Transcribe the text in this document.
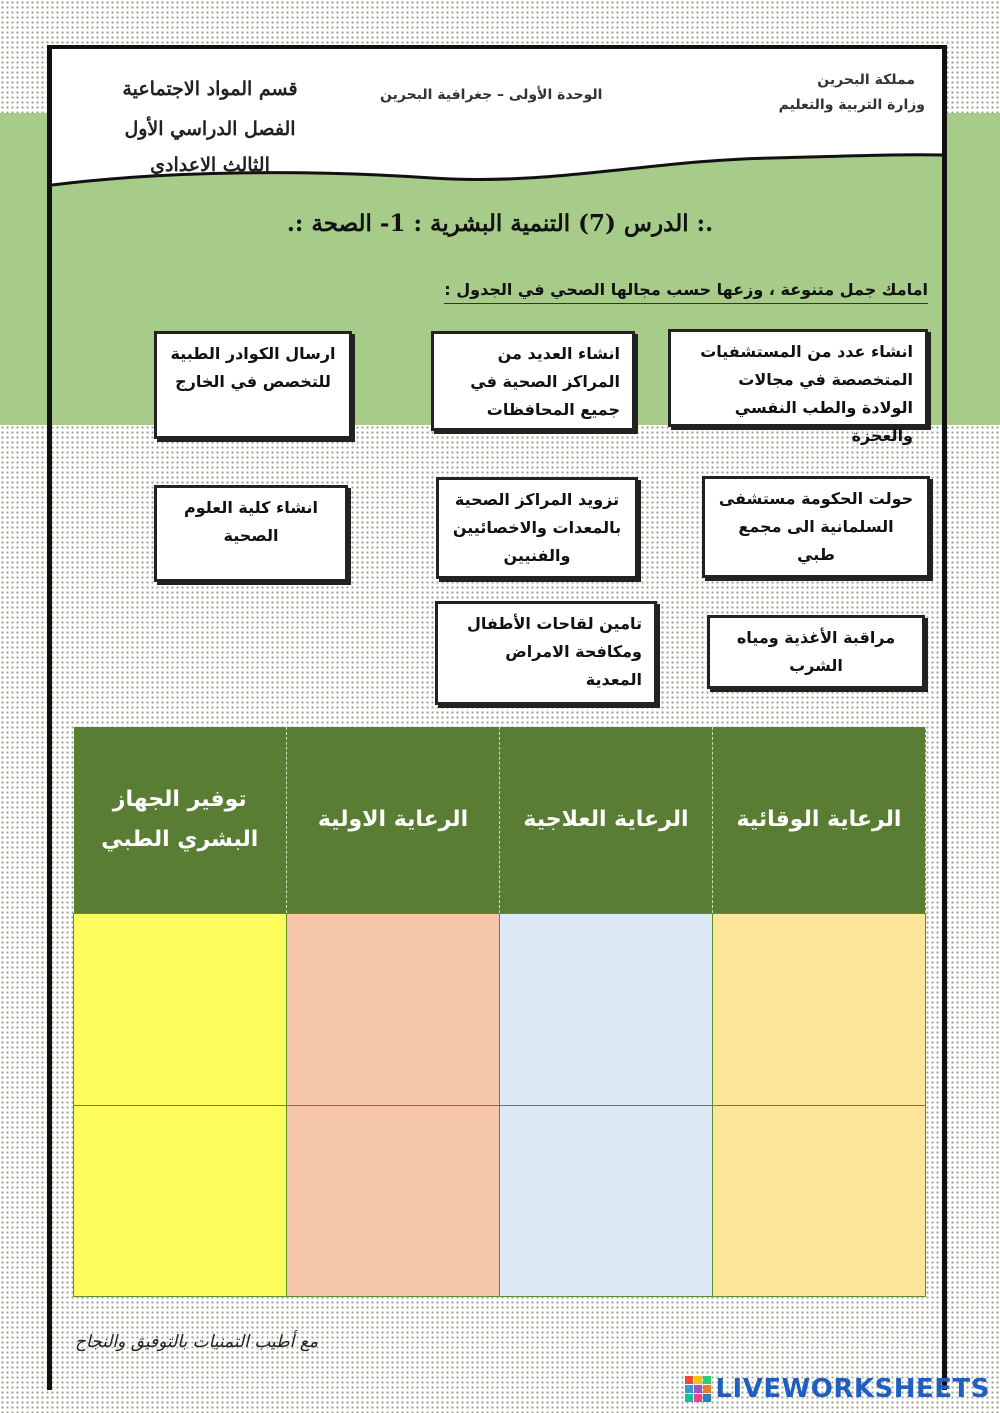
مملكة البحرين
وزارة التربية والتعليم
الوحدة الأولى – جغرافية البحرين
قسم المواد الاجتماعية
الفصل الدراسي الأول
الثالث الاعدادي
.: الدرس (7) التنمية البشرية : 1- الصحة :.
امامك جمل متنوعة ، وزعها حسب مجالها الصحي في الجدول :
انشاء عدد من المستشفيات المتخصصة في مجالات الولادة والطب النفسي والعجزة
انشاء العديد من المراكز الصحية في جميع المحافظات
ارسال الكوادر الطبية للتخصص في الخارج
حولت الحكومة مستشفى السلمانية الى مجمع طبي
تزويد المراكز الصحية بالمعدات والاخصائيين والفنيين
انشاء كلية العلوم الصحية
مراقبة الأغذية ومياه الشرب
تامين لقاحات الأطفال ومكافحة الامراض المعدية
الرعاية الوقائية	الرعاية العلاجية	الرعاية الاولية	توفير الجهاز البشري الطبي

مع أطيب التمنيات بالتوفيق والنجاح
LIVEWORKSHEETS
